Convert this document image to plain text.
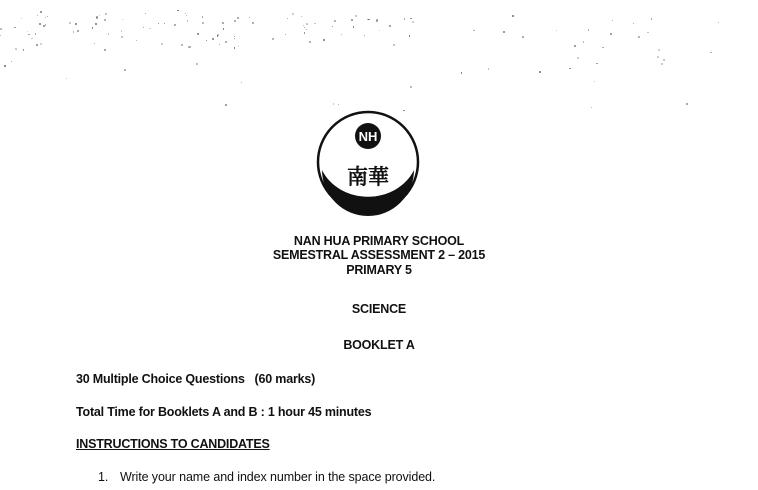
NH
南華
NAN HUA PRIMARY SCHOOL
SEMESTRAL ASSESSMENT 2 – 2015
PRIMARY 5
SCIENCE
BOOKLET A
30 Multiple Choice Questions   (60 marks)
Total Time for Booklets A and B : 1 hour 45 minutes
INSTRUCTIONS TO CANDIDATES
1. Write your name and index number in the space provided.
